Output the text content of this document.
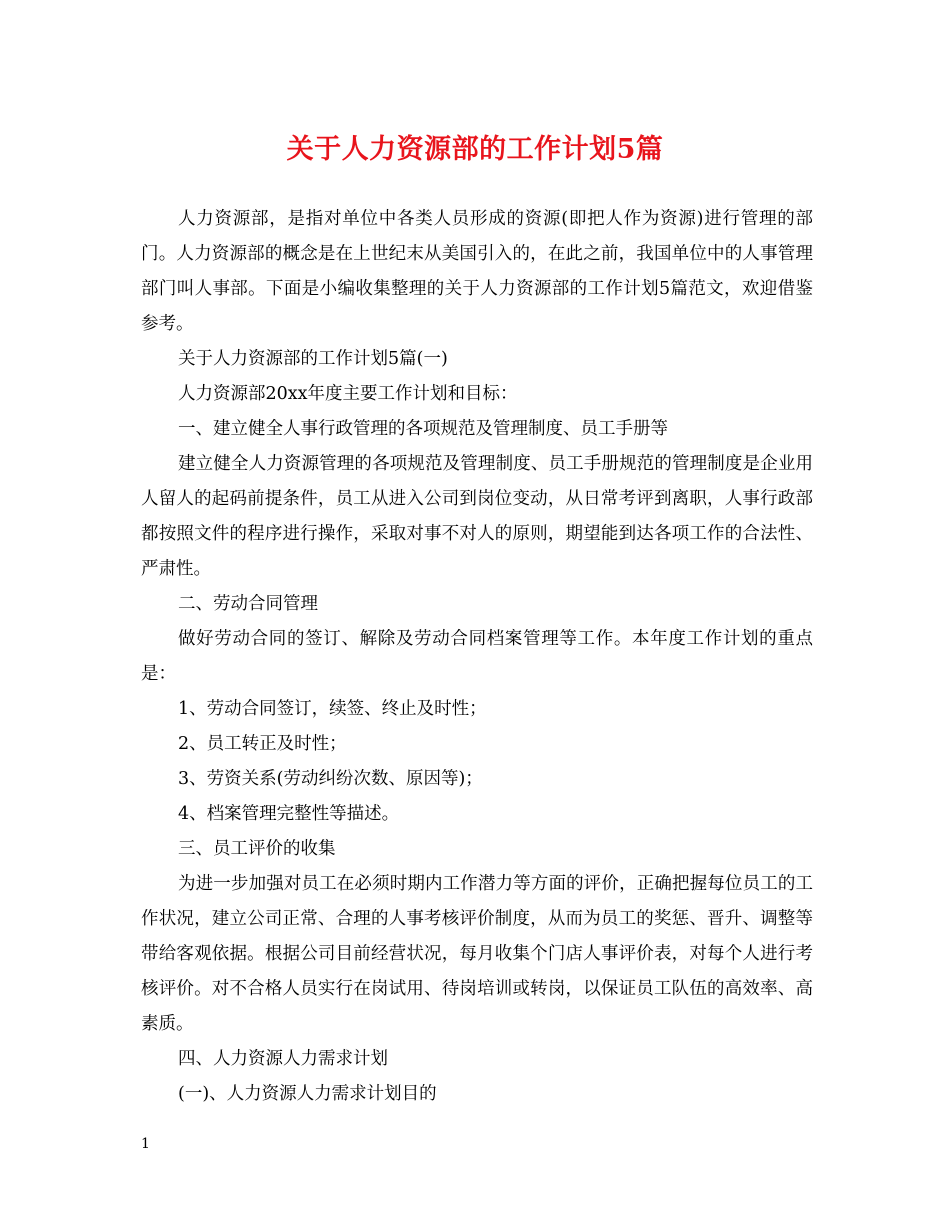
关于人力资源部的工作计划5篇

人力资源部，是指对单位中各类人员形成的资源(即把人作为资源)进行管理的部门。人力资源部的概念是在上世纪末从美国引入的，在此之前，我国单位中的人事管理部门叫人事部。下面是小编收集整理的关于人力资源部的工作计划5篇范文，欢迎借鉴参考。

关于人力资源部的工作计划5篇(一)

人力资源部20xx年度主要工作计划和目标：

一、建立健全人事行政管理的各项规范及管理制度、员工手册等

建立健全人力资源管理的各项规范及管理制度、员工手册规范的管理制度是企业用人留人的起码前提条件，员工从进入公司到岗位变动，从日常考评到离职，人事行政部都按照文件的程序进行操作，采取对事不对人的原则，期望能到达各项工作的合法性、严肃性。

二、劳动合同管理

做好劳动合同的签订、解除及劳动合同档案管理等工作。本年度工作计划的重点是：

1、劳动合同签订，续签、终止及时性；

2、员工转正及时性；

3、劳资关系(劳动纠纷次数、原因等)；

4、档案管理完整性等描述。

三、员工评价的收集

为进一步加强对员工在必须时期内工作潜力等方面的评价，正确把握每位员工的工作状况，建立公司正常、合理的人事考核评价制度，从而为员工的奖惩、晋升、调整等带给客观依据。根据公司目前经营状况，每月收集个门店人事评价表，对每个人进行考核评价。对不合格人员实行在岗试用、待岗培训或转岗，以保证员工队伍的高效率、高素质。

四、人力资源人力需求计划

(一)、人力资源人力需求计划目的

1
